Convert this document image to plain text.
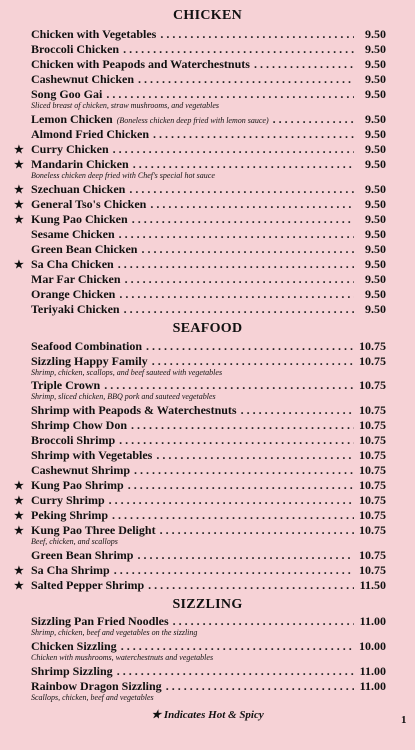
CHICKEN
Chicken with Vegetables . . .	9.50
Broccoli Chicken . . .	9.50
Chicken with Peapods and Waterchestnuts . . .	9.50
Cashewnut Chicken . . .	9.50
Song Goo Gai . . .	9.50
Sliced breast of chicken, straw mushrooms, and vegetables
Lemon Chicken (Boneless chicken deep fried with lemon sauce) . . .	9.50
Almond Fried Chicken . . .	9.50
★ Curry Chicken . . .	9.50
★ Mandarin Chicken . . .	9.50
Boneless chicken deep fried with Chef's special hot sauce
★ Szechuan Chicken . . .	9.50
★ General Tso's Chicken . . .	9.50
★ Kung Pao Chicken . . .	9.50
Sesame Chicken . . .	9.50
Green Bean Chicken . . .	9.50
★ Sa Cha Chicken . . .	9.50
Mar Far Chicken . . .	9.50
Orange Chicken . . .	9.50
Teriyaki Chicken . . .	9.50
SEAFOOD
Seafood Combination . . .	10.75
Sizzling Happy Family . . .	10.75
Shrimp, chicken, scallops, and beef sauteed with vegetables
Triple Crown . . .	10.75
Shrimp, sliced chicken, BBQ pork and sauteed vegetables
Shrimp with Peapods & Waterchestnuts . . .	10.75
Shrimp Chow Don . . .	10.75
Broccoli Shrimp . . .	10.75
Shrimp with Vegetables . . .	10.75
Cashewnut Shrimp . . .	10.75
★ Kung Pao Shrimp . . .	10.75
★ Curry Shrimp . . .	10.75
★ Peking Shrimp . . .	10.75
★ Kung Pao Three Delight . . .	10.75
Beef, chicken, and scallops
Green Bean Shrimp . . .	10.75
★ Sa Cha Shrimp . . .	10.75
★ Salted Pepper Shrimp . . .	11.50
SIZZLING
Sizzling Pan Fried Noodles . . .	11.00
Shrimp, chicken, beef and vegetables on the sizzling
Chicken Sizzling . . .	10.00
Chicken with mushrooms, waterchestnuts and vegetables
Shrimp Sizzling . . .	11.00
Rainbow Dragon Sizzling . . .	11.00
Scallops, chicken, beef and vegetables
★ Indicates Hot & Spicy	1
